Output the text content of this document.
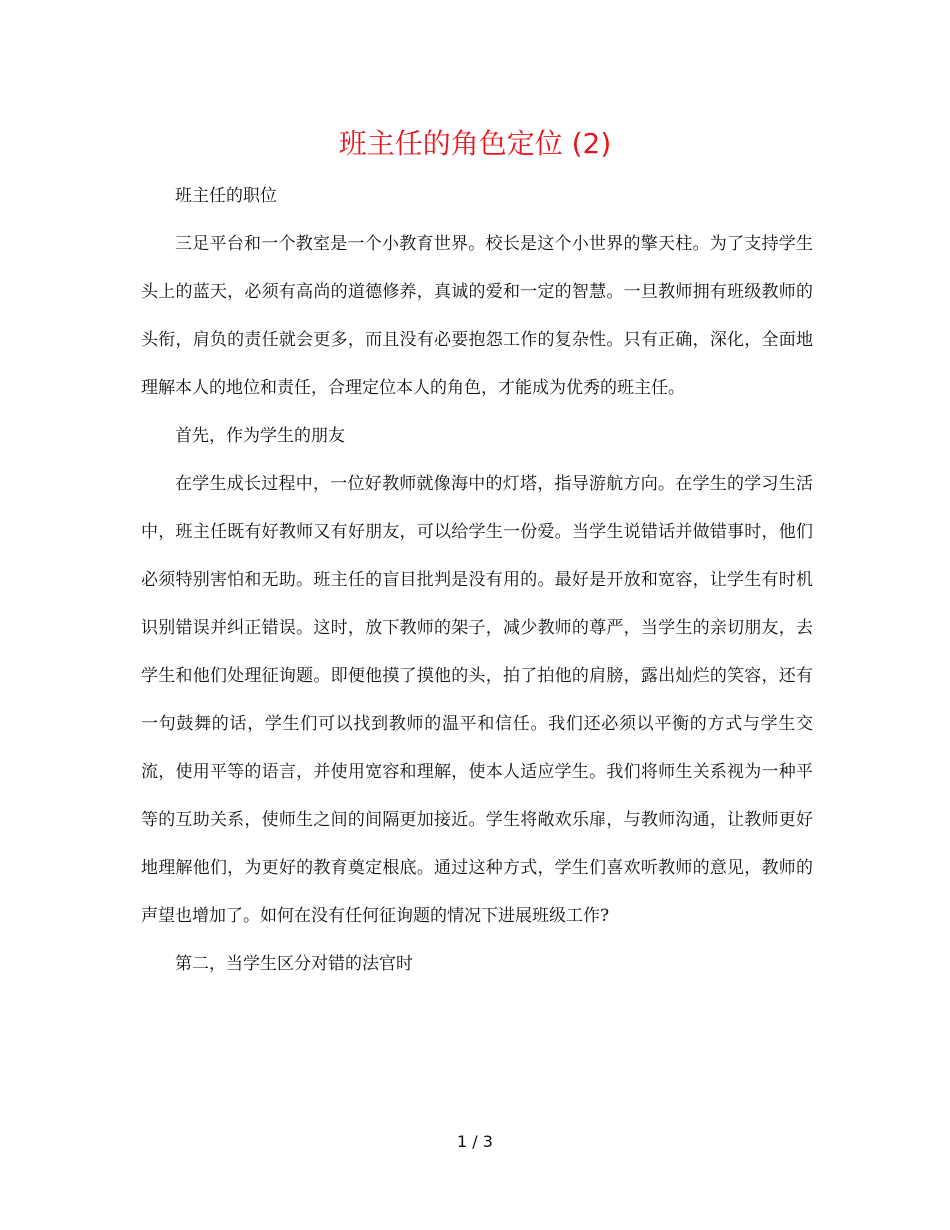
班主任的角色定位 (2)

班主任的职位

三足平台和一个教室是一个小教育世界。校长是这个小世界的擎天柱。为了支持学生头上的蓝天，必须有高尚的道德修养，真诚的爱和一定的智慧。一旦教师拥有班级教师的头衔，肩负的责任就会更多，而且没有必要抱怨工作的复杂性。只有正确，深化，全面地理解本人的地位和责任，合理定位本人的角色，才能成为优秀的班主任。

首先，作为学生的朋友

在学生成长过程中，一位好教师就像海中的灯塔，指导游航方向。在学生的学习生活中，班主任既有好教师又有好朋友，可以给学生一份爱。当学生说错话并做错事时，他们必须特别害怕和无助。班主任的盲目批判是没有用的。最好是开放和宽容，让学生有时机识别错误并纠正错误。这时，放下教师的架子，减少教师的尊严，当学生的亲切朋友，去学生和他们处理征询题。即便他摸了摸他的头，拍了拍他的肩膀，露出灿烂的笑容，还有一句鼓舞的话，学生们可以找到教师的温平和信任。我们还必须以平衡的方式与学生交流，使用平等的语言，并使用宽容和理解，使本人适应学生。我们将师生关系视为一种平等的互助关系，使师生之间的间隔更加接近。学生将敞欢乐扉，与教师沟通，让教师更好地理解他们，为更好的教育奠定根底。通过这种方式，学生们喜欢听教师的意见，教师的声望也增加了。如何在没有任何征询题的情况下进展班级工作?

第二，当学生区分对错的法官时

1 / 3
